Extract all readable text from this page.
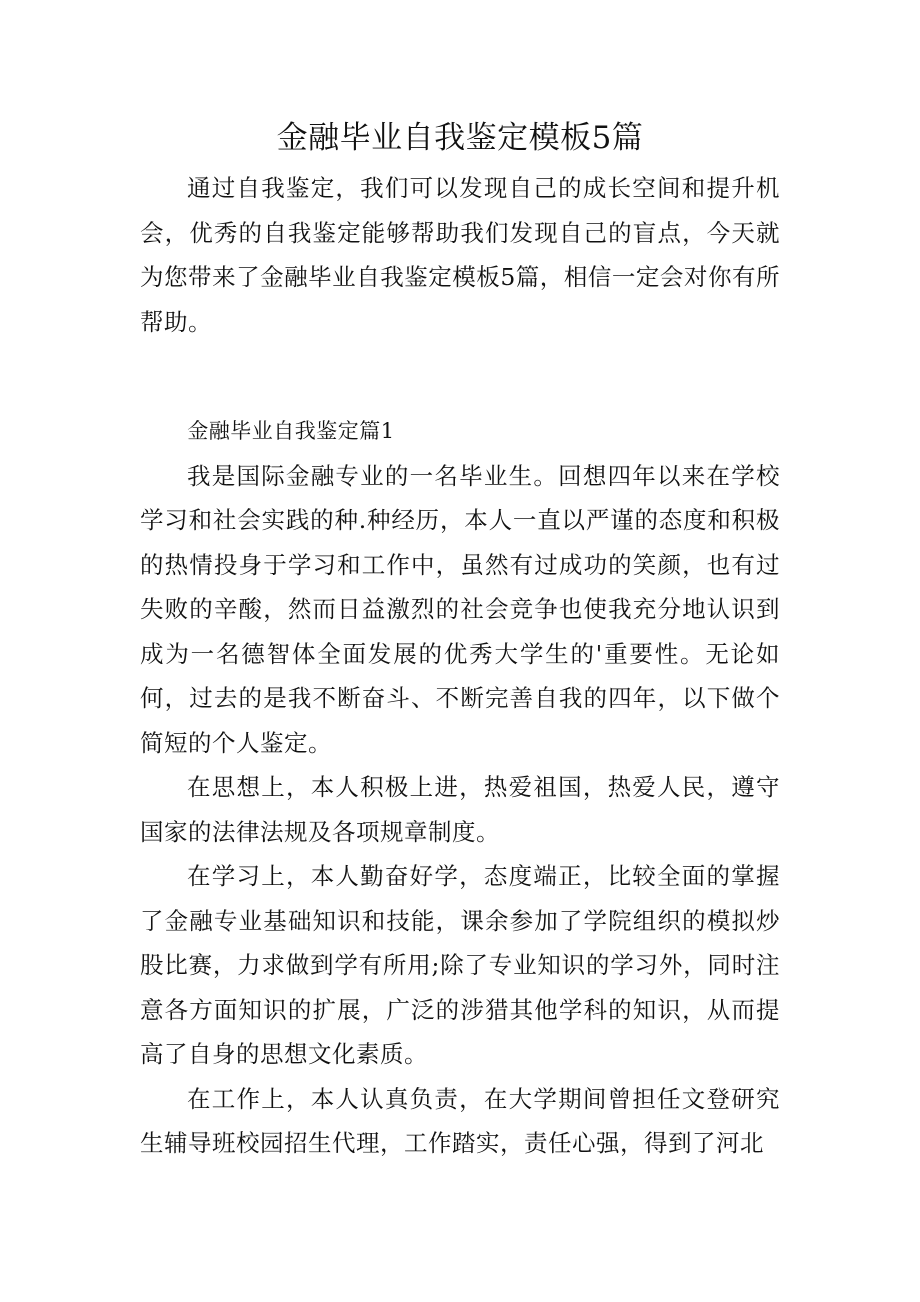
金融毕业自我鉴定模板5篇

通过自我鉴定，我们可以发现自己的成长空间和提升机会，优秀的自我鉴定能够帮助我们发现自己的盲点，今天就为您带来了金融毕业自我鉴定模板5篇，相信一定会对你有所帮助。

金融毕业自我鉴定篇1

我是国际金融专业的一名毕业生。回想四年以来在学校学习和社会实践的种.种经历，本人一直以严谨的态度和积极的热情投身于学习和工作中，虽然有过成功的笑颜，也有过失败的辛酸，然而日益激烈的社会竞争也使我充分地认识到成为一名德智体全面发展的优秀大学生的'重要性。无论如何，过去的是我不断奋斗、不断完善自我的四年，以下做个简短的个人鉴定。

在思想上，本人积极上进，热爱祖国，热爱人民，遵守国家的法律法规及各项规章制度。

在学习上，本人勤奋好学，态度端正，比较全面的掌握了金融专业基础知识和技能，课余参加了学院组织的模拟炒股比赛，力求做到学有所用;除了专业知识的学习外，同时注意各方面知识的扩展，广泛的涉猎其他学科的知识，从而提高了自身的思想文化素质。

在工作上，本人认真负责，在大学期间曾担任文登研究生辅导班校园招生代理，工作踏实，责任心强，得到了河北
